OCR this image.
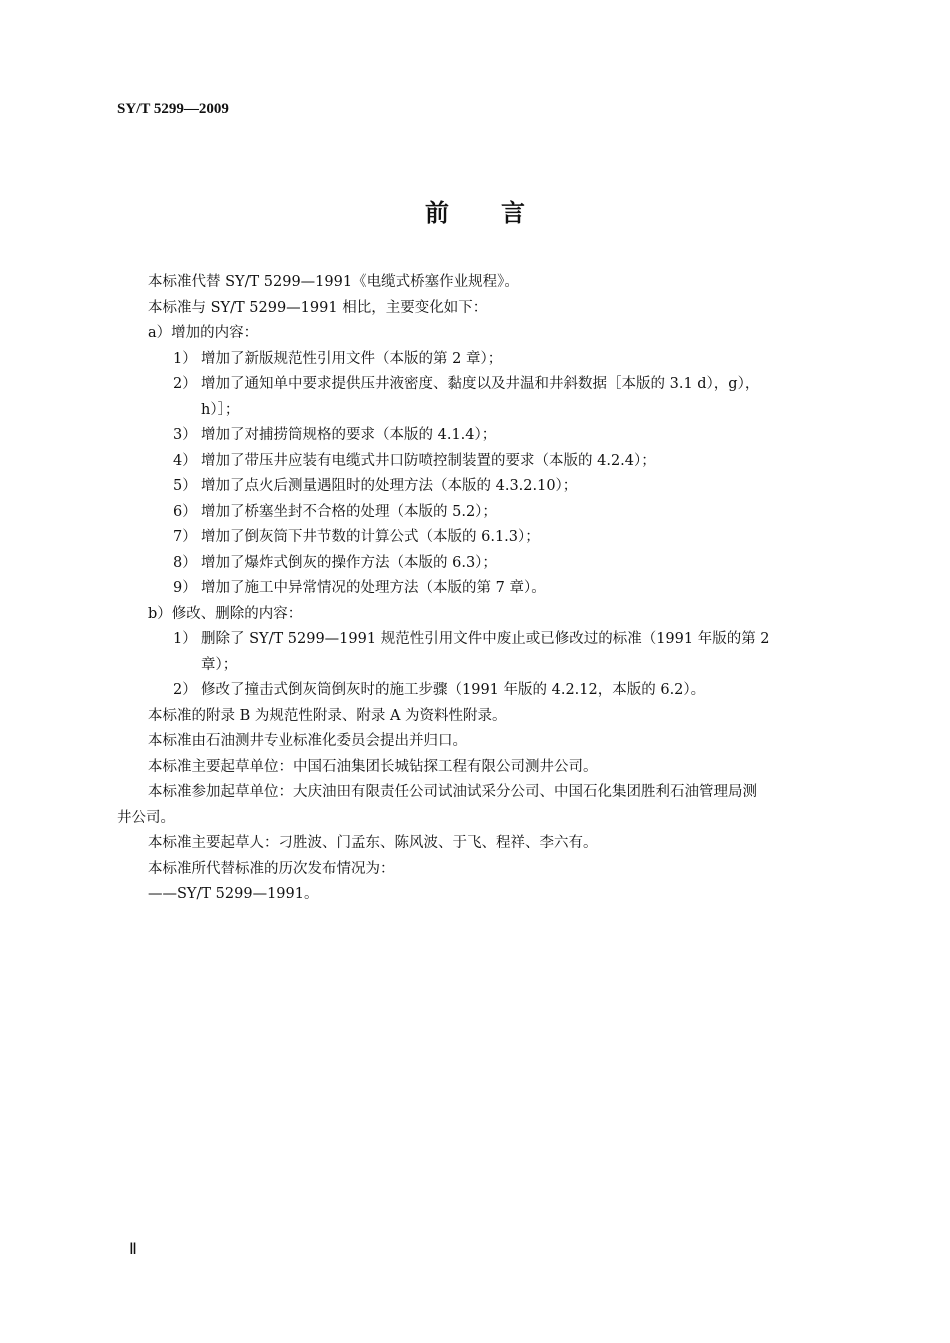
SY/T 5299—2009
前言

本标准代替 SY/T 5299—1991《电缆式桥塞作业规程》。

本标准与 SY/T 5299—1991 相比，主要变化如下：

a）增加的内容：

1） 增加了新版规范性引用文件（本版的第 2 章）；
2） 增加了通知单中要求提供压井液密度、黏度以及井温和井斜数据［本版的 3.1 d），g），

h）］；

3） 增加了对捕捞筒规格的要求（本版的 4.1.4）；
4） 增加了带压井应装有电缆式井口防喷控制装置的要求（本版的 4.2.4）；
5） 增加了点火后测量遇阻时的处理方法（本版的 4.3.2.10）；
6） 增加了桥塞坐封不合格的处理（本版的 5.2）；
7） 增加了倒灰筒下井节数的计算公式（本版的 6.1.3）；
8） 增加了爆炸式倒灰的操作方法（本版的 6.3）；
9） 增加了施工中异常情况的处理方法（本版的第 7 章）。

b）修改、删除的内容：

1） 删除了 SY/T 5299—1991 规范性引用文件中废止或已修改过的标准（1991 年版的第 2

章）；

2） 修改了撞击式倒灰筒倒灰时的施工步骤（1991 年版的 4.2.12，本版的 6.2）。

本标准的附录 B 为规范性附录、附录 A 为资料性附录。

本标准由石油测井专业标准化委员会提出并归口。

本标准主要起草单位：中国石油集团长城钻探工程有限公司测井公司。

本标准参加起草单位：大庆油田有限责任公司试油试采分公司、中国石化集团胜利石油管理局测

井公司。

本标准主要起草人：刁胜波、门孟东、陈风波、于飞、程祥、李六有。

本标准所代替标准的历次发布情况为：

——SY/T 5299—1991。

Ⅱ
